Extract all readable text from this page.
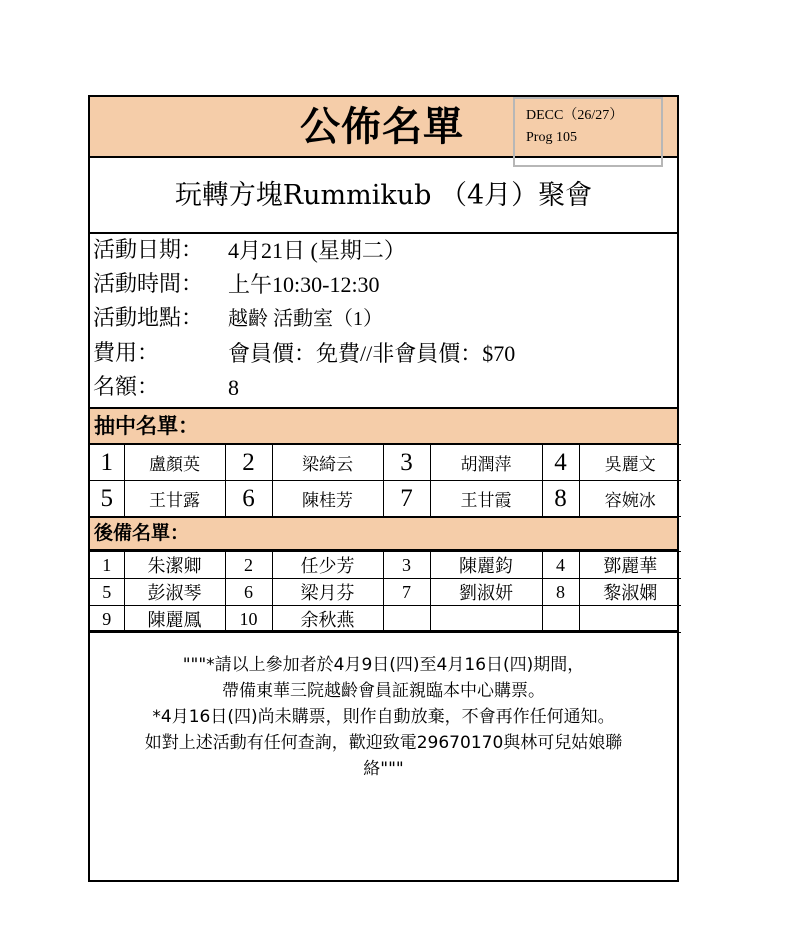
公佈名單	DECC（26/27）
Prog 105
玩轉方塊Rummikub （4月）聚會
活動日期： 4月21日 (星期二）
活動時間： 上午10:30-12:30
活動地點： 越齡 活動室（1）
費用：	會員價：免費//非會員價：$70
名額：	8
抽中名單：
1	盧顏英	2	梁綺云	3	胡潤萍	4	吳麗文
5	王甘露	6	陳桂芳	7	王甘霞	8	容婉冰
後備名單：
1	朱潔卿	2	任少芳	3	陳麗鈞	4	鄧麗華
5	彭淑琴	6	梁月芬	7	劉淑妍	8	黎淑嫻
9	陳麗鳳	10	余秋燕				
"""*請以上參加者於4月9日(四)至4月16日(四)期間，
帶備東華三院越齡會員証親臨本中心購票。
*4月16日(四)尚未購票，則作自動放棄，不會再作任何通知。
如對上述活動有任何查詢，歡迎致電29670170與林可兒姑娘聯
絡"""
